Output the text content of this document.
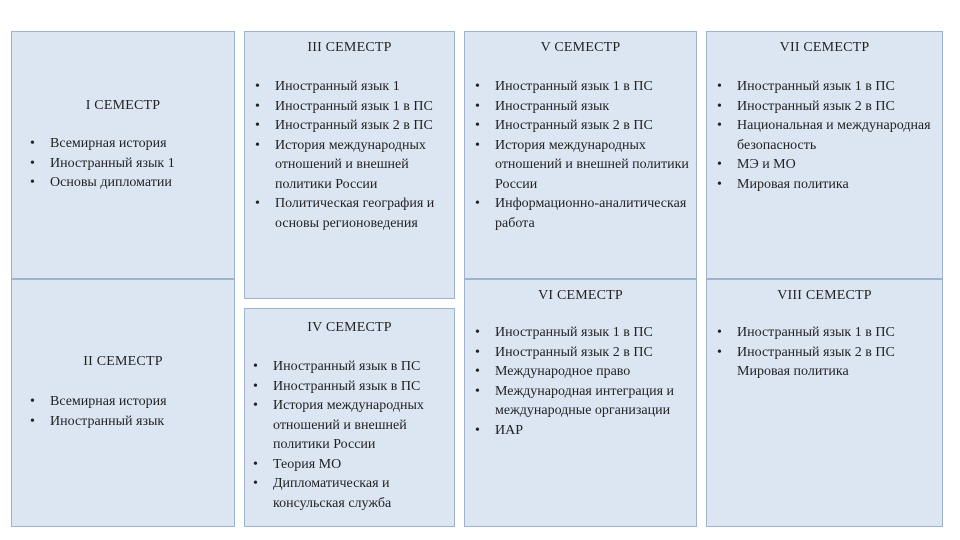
I СЕМЕСТР
• Всемирная история
• Иностранный язык 1
• Основы дипломатии
II СЕМЕСТР
• Всемирная история
• Иностранный язык
III СЕМЕСТР
• Иностранный язык 1
• Иностранный язык 1 в ПС
• Иностранный язык 2 в ПС
• История международных отношений и внешней политики России
• Политическая география и основы регионоведения
IV СЕМЕСТР
• Иностранный язык в ПС
• Иностранный язык в ПС
• История международных отношений и внешней политики России
• Теория МО
• Дипломатическая и консульская служба
V СЕМЕСТР
• Иностранный язык 1 в ПС
• Иностранный язык
• Иностранный язык 2 в ПС
• История международных отношений и внешней политики России
• Информационно-аналитическая работа
VI СЕМЕСТР
• Иностранный язык 1 в ПС
• Иностранный язык 2 в ПС
• Международное право
• Международная интеграция и международные организации
• ИАР
VII СЕМЕСТР
• Иностранный язык 1 в ПС
• Иностранный язык 2 в ПС
• Национальная и международная безопасность
• МЭ и МО
• Мировая политика
VIII СЕМЕСТР
• Иностранный язык 1 в ПС
• Иностранный язык 2 в ПС Мировая политика
